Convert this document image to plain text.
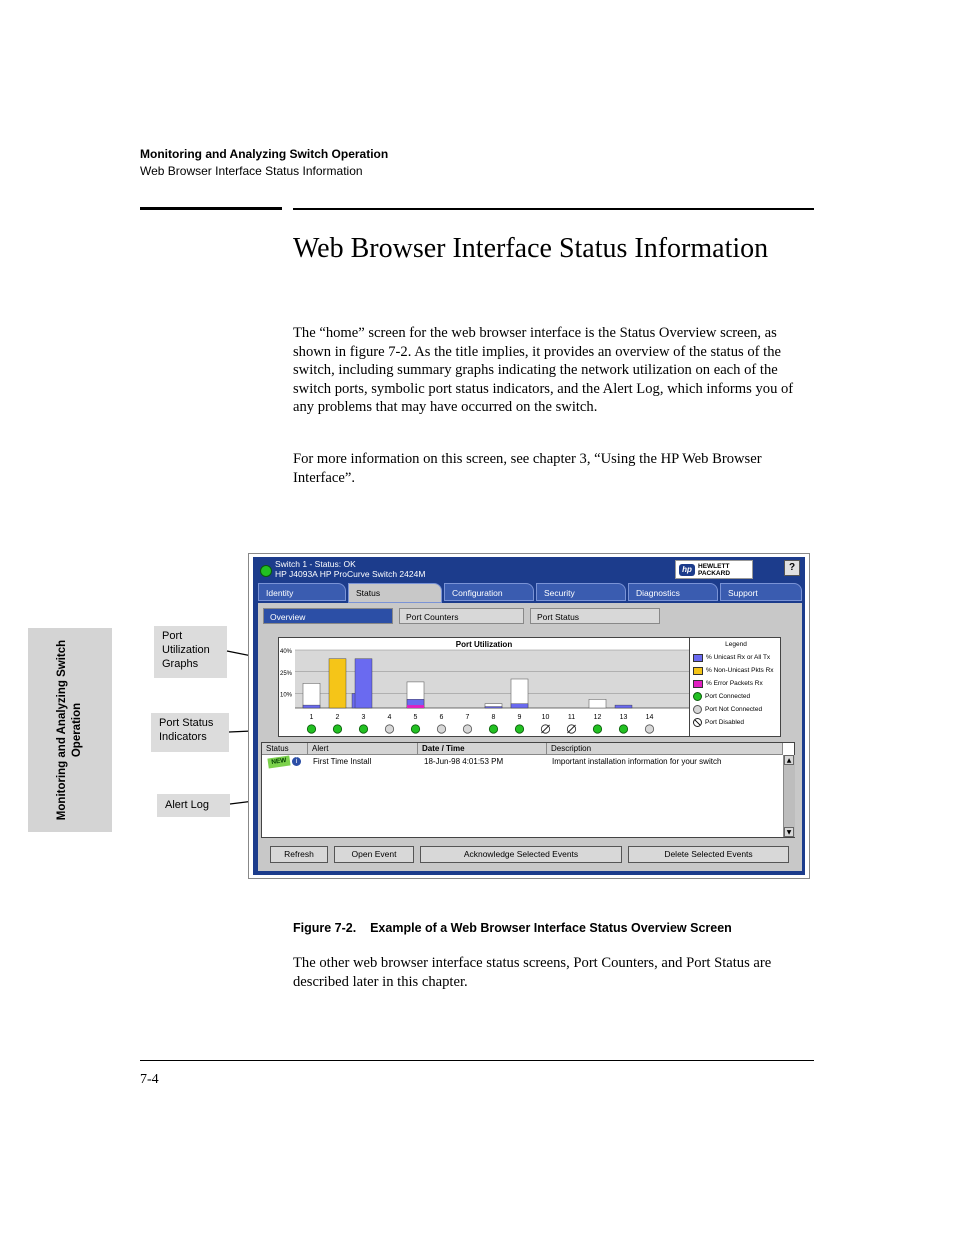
Monitoring and Analyzing Switch Operation
Web Browser Interface Status Information
Web Browser Interface Status Information
The “home” screen for the web browser interface is the Status Overview screen, as shown in figure 7-2. As the title implies, it provides an overview of the status of the switch, including summary graphs indicating the network utilization on each of the switch ports, symbolic port status indicators, and the Alert Log, which informs you of any problems that may have occurred on the switch.
For more information on this screen, see chapter 3, “Using the HP Web Browser Interface”.
Monitoring and Analyzing Switch Operation
Port Utilization Graphs
Port Status Indicators
Alert Log
Switch 1 - Status: OK
HP J4093A HP ProCurve Switch 2424M	hp HEWLETT
PACKARD	?
Identity	Status	Configuration	Security	Diagnostics	Support
Overview	Port Counters	Port Status
Port Utilization
40%
25%
10%
1	2	3	4	5	6	7	8	9	10	11	12	13	14
Legend
% Unicast Rx or All Tx
% Non-Unicast Pkts Rx
% Error Packets Rx
Port Connected
Port Not Connected
Port Disabled
Status	Alert	Date / Time	Description
NEW	i	First Time Install	18-Jun-98 4:01:53 PM	Important installation information for your switch	▲
▼
Refresh	Open Event	Acknowledge Selected Events	Delete Selected Events
Figure 7-2.    Example of a Web Browser Interface Status Overview Screen
The other web browser interface status screens, Port Counters, and Port Status are described later in this chapter.
7-4
